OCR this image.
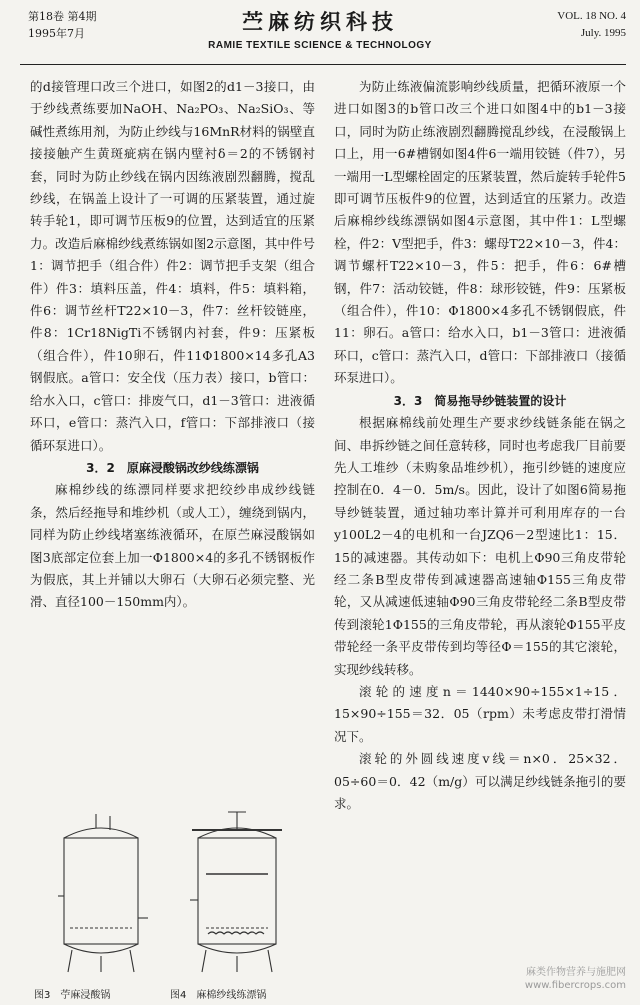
第18卷 第4期
1995年7月	苎麻纺织科技
RAMIE TEXTILE SCIENCE & TECHNOLOGY
VOL. 18 NO. 4
July. 1995

的d接管理口改三个进口，如图2的d1－3接口，由于纱线煮练要加NaOH、Na₂PO₃、Na₂SiO₃、等碱性煮练用剂，为防止纱线与16MnR材料的锅壁直接接触产生黄斑疵病在锅内壁衬δ＝2的不锈钢衬套，同时为防止纱线在锅内因练液剧烈翻腾，搅乱纱线，在锅盖上设计了一可调的压紧装置，通过旋转手轮1，即可调节压板9的位置，达到适宜的压紧力。改造后麻棉纱线煮练锅如图2示意图，其中件号1：调节把手（组合件）件2：调节把手支架（组合件）件3：填料压盖，件4：填料，件5：填料箱，件6：调节丝杆T22×10－3，件7：丝杆铰链座，件8：1Cr18NigTi不锈钢内衬套，件9：压紧板（组合件），件10卵石，件11Φ1800×14多孔A3钢假底。a管口：安全伐（压力表）接口，b管口：给水入口，c管口：排废气口，d1－3管口：进液循环口，e管口：蒸汽入口，f管口：下部排液口（接循环泵进口）。

3．2　原麻浸酸锅改纱线练漂锅

麻棉纱线的练漂同样要求把绞纱串成纱线链条，然后经拖导和堆纱机（或人工），缠绕到锅内，同样为防止纱线堵塞练液循环，在原苎麻浸酸锅如图3底部定位套上加一Φ1800×4的多孔不锈钢板作为假底，其上并铺以大卵石（大卵石必须完整、光滑、直径100－150mm内）。

图3　苧麻浸酸锅	图4　麻棉纱线练漂锅

为防止练液偏流影响纱线质量，把循环液原一个进口如图3的b管口改三个进口如图4中的b1－3接口，同时为防止练液剧烈翻腾搅乱纱线，在浸酸锅上口上，用一6#槽钢如图4件6一端用铰链（件7），另一端用一L型螺栓固定的压紧装置，然后旋转手轮件5即可调节压板件9的位置，达到适宜的压紧力。改造后麻棉纱线练漂锅如图4示意图，其中件1：L型螺栓，件2：V型把手，件3：螺母T22×10－3，件4：调节螺杆T22×10－3，件5：把手，件6：6#槽钢，件7：活动铰链，件8：球形铰链，件9：压紧板（组合件），件10：Φ1800×4多孔不锈钢假底，件11：卵石。a管口：给水入口，b1－3管口：进液循环口，c管口：蒸汽入口，d管口：下部排液口（接循环泵进口）。

3．3　简易拖导纱链装置的设计

根据麻棉线前处理生产要求纱线链条能在锅之间、串拆纱链之间任意转移，同时也考虑我厂目前要先人工堆纱（未购象品堆纱机），拖引纱链的速度应控制在0．4－0．5m/s。因此，设计了如图6简易拖导纱链装置，通过轴功率计算并可利用库存的一台y100L2－4的电机和一台JZQ6－2型速比1：15．15的减速器。其传动如下：电机上Φ90三角皮带轮经二条B型皮带传到减速器高速轴Φ155三角皮带轮，又从减速低速轴Φ90三角皮带轮经二条B型皮带传到滚轮1Φ155的三角皮带轮，再从滚轮Φ155平皮带轮经一条平皮带传到均等径Φ＝155的其它滚轮，实现纱线转移。

滚轮的速度n＝1440×90÷155×1÷15．15×90÷155＝32．05（rpm）未考虑皮带打滑情况下。

滚轮的外圆线速度v线＝n×0．25×32．05÷60＝0．42（m/g）可以满足纱线链条拖引的要求。

麻类作物营养与施肥网
www.fibercrops.com
